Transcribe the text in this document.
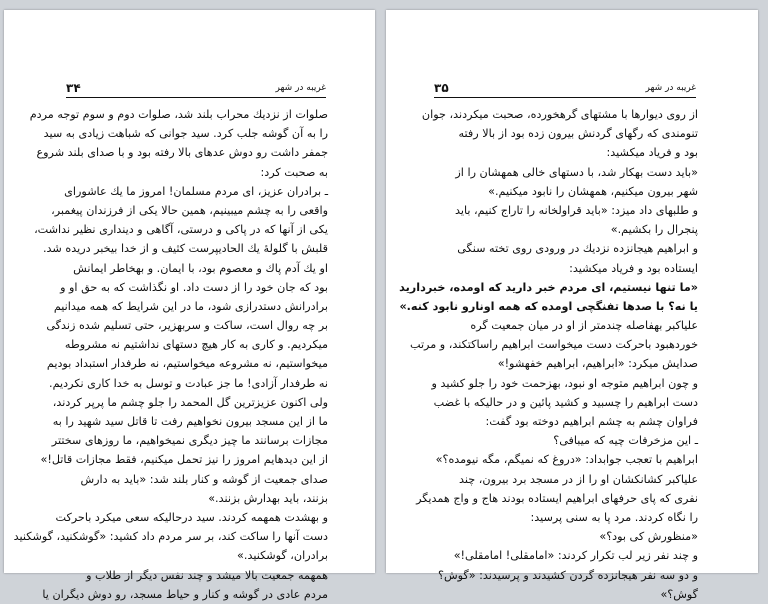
٣۴	غریبه در شهر
صلوات از نزدیك محراب بلند شد، صلوات دوم و سوم توجه مردم
را به آن گوشه جلب کرد. سید جوانی که شباهت زیادی به سید
جمفر داشت رو دوش عدهای بالا رفته بود و با صدای بلند شروع
به صحبت کرد:
ـ برادران عزیز، ای مردم مسلمان! امروز ما یك عاشورای
واقعی را به چشم میبینیم، همین حالا یکی از فرزندان پیغمبر،
یکی از آنها که در پاکی و درستی، آگاهی و دینداری نظیر نداشت،
قلبش با گلولهٔ یك الحادیپرست کثیف و از خدا بیخبر دریده شد.
او یك آدم پاك و معصوم بود، با ایمان. و بهخاطر ایمانش
بود که جان خود را از دست داد. او نگذاشت که به حق او و
برادرانش دستدرازی شود، ما در این شرایط که همه میدانیم
بر چه روال است، ساکت و سربهزیر، حتی تسلیم شده زندگی
میکردیم. و کاری به کار هیچ دستهای نداشتیم نه مشروطه
میخواستیم، نه مشروعه میخواستیم، نه طرفدار استبداد بودیم
نه طرفدار آزادی! ما جز عبادت و توسل به خدا کاری نکردیم.
ولی اکنون عزیزترین گل المحمد را جلو چشم ما پرپر کردند،
ما از این مسجد بیرون نخواهیم رفت تا قاتل سید شهید را به
مجازات برسانند ما چیز دیگری نمیخواهیم، ما روزهای سختتر
از این دیدهایم امروز را نیز تحمل میکنیم، فقط مجازات قاتل!»
صدای جمعیت از گوشه و کنار بلند شد: «باید به دارش
بزنند، باید بهدارش بزنند.»
و بهشدت همهمه کردند. سید درحالیکه سعی میکرد باحرکت
دست آنها را ساکت کند، بر سر مردم داد کشید: «گوشکنید، گوشکنید
برادران، گوشکنید.»
همهمه جمعیت بالا میشد و چند نفس دیگر از طلاب و
مردم عادی در گوشه و کنار و حیاط مسجد، رو دوش دیگران یا
٣۵	غریبه در شهر
از روی دیوارها با مشتهای گرهخورده، صحبت میکردند، جوان
تنومندی که رگهای گردنش بیرون زده بود از بالا رفته
بود و فریاد میکشید:
«باید دست بهکار شد، با دستهای خالی همهشان را از
شهر بیرون میکنیم، همهشان را نابود میکنیم.»
و طلبهای داد میزد: «باید قراولخانه را تاراج کنیم، باید
پنجرال را بکشیم.»
و ابراهیم هیجانزده نزدیك در ورودی روی تخته سنگی
ایستاده بود و فریاد میکشید:
«ما تنها نیستیم، ای مردم خبر دارید که اومده، خبردارید
یا نه؟ با صدها تفنگچی اومده که همه اونارو نابود کنه.»
علیاکبر بهفاصله چندمتر از او در میان جمعیت گره
خوردهبود باحرکت دست میخواست ابراهیم راساکتکند، و مرتب
صدایش میکرد: «ابراهیم، ابراهیم خفهشو!»
و چون ابراهیم متوجه او نبود، بهزحمت خود را جلو کشید و
دست ابراهیم را چسبید و کشید پائین و در حالیکه با غضب
فراوان چشم به چشم ابراهیم دوخته بود گفت:
ـ این مزخرفات چیه که میبافی؟
ابراهیم با تعجب جوابداد: «دروغ که نمیگم، مگه نیومده؟»
علیاکبر کشانکشان او را از در مسجد برد بیرون، چند
نفری که پای حرفهای ابراهیم ایستاده بودند هاج و واج همدیگر
را نگاه کردند. مرد پا به سنی پرسید:
«منظورش کی بود؟»
و چند نفر زیر لب تکرار کردند: «امامقلی! امامقلی!»
و دو سه نفر هیجانزده گردن کشیدند و پرسیدند: «گوش؟
گوش؟»
